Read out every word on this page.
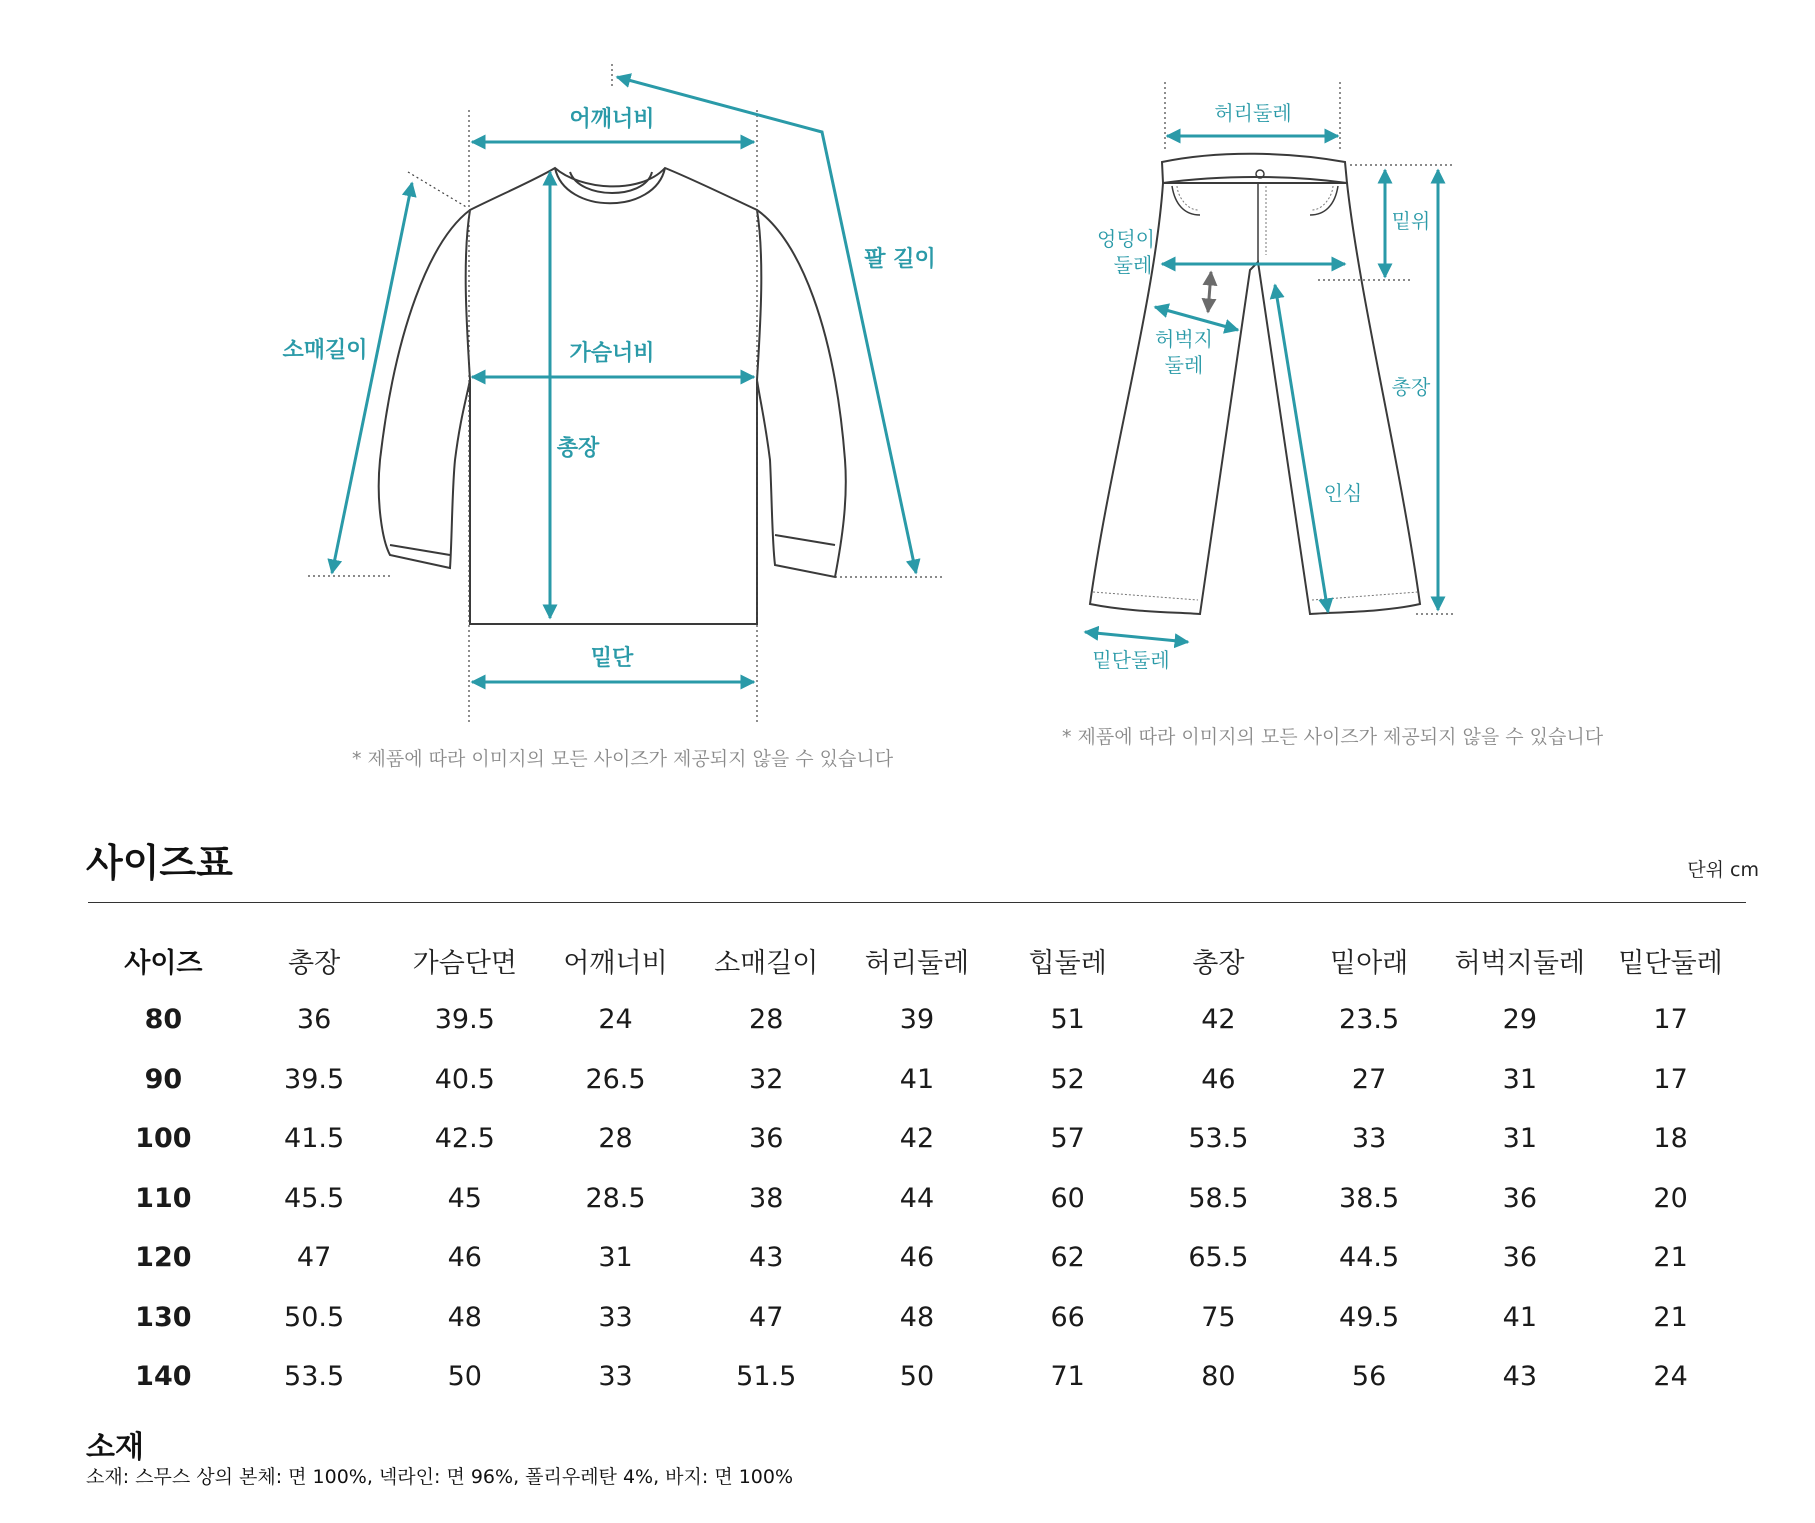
어깨너비
팔 길이
소매길이	가슴너비
총장
밑단
허리둘레
밑위
엉덩이
둘레
허벅지
둘레
총장
인심
밑단둘레
* 제품에 따라 이미지의 모든 사이즈가 제공되지 않을 수 있습니다
* 제품에 따라 이미지의 모든 사이즈가 제공되지 않을 수 있습니다
사이즈표	단위 cm
사이즈	총장	가슴단면	어깨너비	소매길이	허리둘레	힙둘레	총장	밑아래	허벅지둘레	밑단둘레
80	36	39.5	24	28	39	51	42	23.5	29	17
90	39.5	40.5	26.5	32	41	52	46	27	31	17
100	41.5	42.5	28	36	42	57	53.5	33	31	18
110	45.5	45	28.5	38	44	60	58.5	38.5	36	20
120	47	46	31	43	46	62	65.5	44.5	36	21
130	50.5	48	33	47	48	66	75	49.5	41	21
140	53.5	50	33	51.5	50	71	80	56	43	24
소재
소재: 스무스 상의 본체: 면 100%, 넥라인: 면 96%, 폴리우레탄 4%, 바지: 면 100%
